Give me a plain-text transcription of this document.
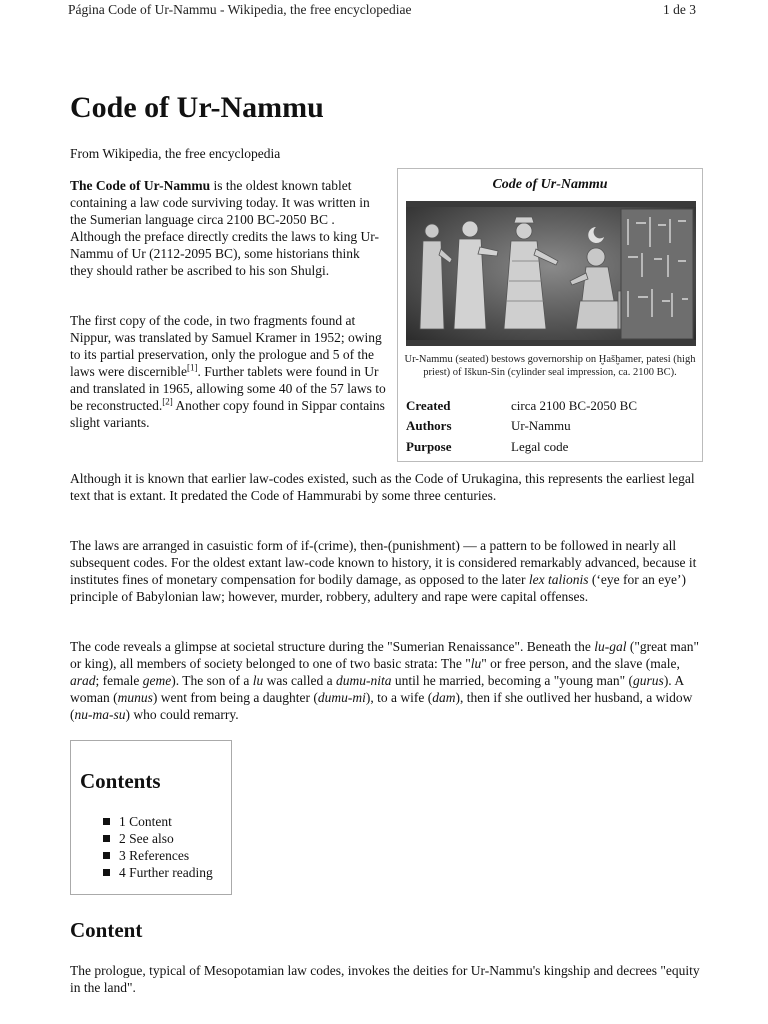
Página Code of Ur-Nammu - Wikipedia, the free encyclopediae	1 de 3
Code of Ur-Nammu
From Wikipedia, the free encyclopedia

The Code of Ur-Nammu is the oldest known tablet containing a law code surviving today. It was written in the Sumerian language circa 2100 BC-2050 BC . Although the preface directly credits the laws to king Ur-Nammu of Ur (2112-2095 BC), some historians think they should rather be ascribed to his son Shulgi.

The first copy of the code, in two fragments found at Nippur, was translated by Samuel Kramer in 1952; owing to its partial preservation, only the prologue and 5 of the laws were discernible[1]. Further tablets were found in Ur and translated in 1965, allowing some 40 of the 57 laws to be reconstructed.[2] Another copy found in Sippar contains slight variants.

Code of Ur-Nammu
Ur-Nammu (seated) bestows governorship on Ḫašḫamer, patesi (high priest) of Iškun-Sin (cylinder seal impression, ca. 2100 BC).
Created	circa 2100 BC-2050 BC
Authors	Ur-Nammu
Purpose	Legal code

Although it is known that earlier law-codes existed, such as the Code of Urukagina, this represents the earliest legal text that is extant. It predated the Code of Hammurabi by some three centuries.

The laws are arranged in casuistic form of if-(crime), then-(punishment) — a pattern to be followed in nearly all subsequent codes. For the oldest extant law-code known to history, it is considered remarkably advanced, because it institutes fines of monetary compensation for bodily damage, as opposed to the later lex talionis (‘eye for an eye’) principle of Babylonian law; however, murder, robbery, adultery and rape were capital offenses.

The code reveals a glimpse at societal structure during the "Sumerian Renaissance". Beneath the lu-gal ("great man" or king), all members of society belonged to one of two basic strata: The "lu" or free person, and the slave (male, arad; female geme). The son of a lu was called a dumu-nita until he married, becoming a "young man" (gurus). A woman (munus) went from being a daughter (dumu-mi), to a wife (dam), then if she outlived her husband, a widow (nu-ma-su) who could remarry.

Contents
1 Content
2 See also
3 References
4 Further reading
Content

The prologue, typical of Mesopotamian law codes, invokes the deities for Ur-Nammu's kingship and decrees "equity in the land".
